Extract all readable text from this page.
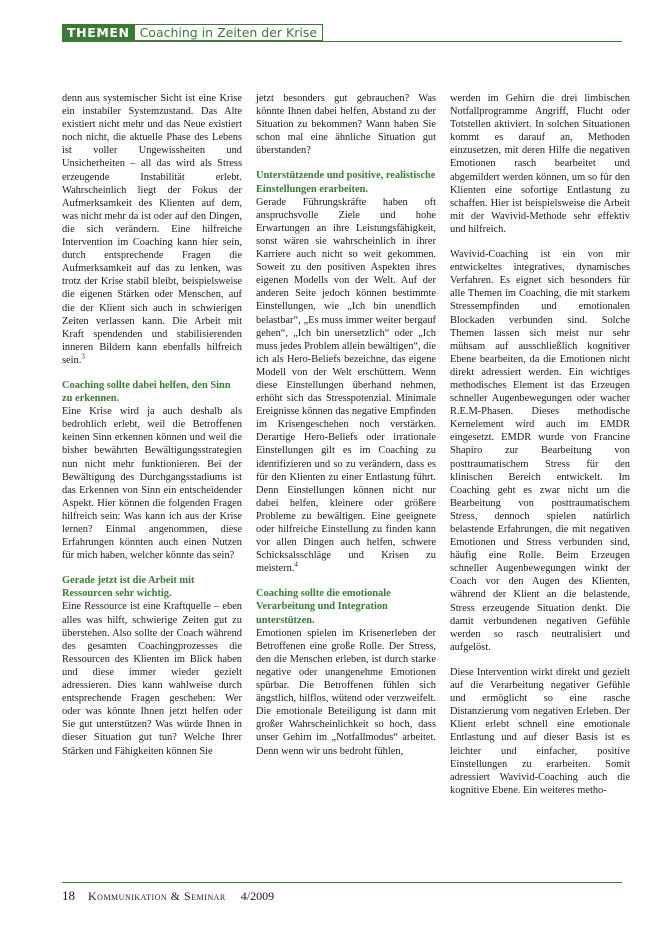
THEMEN Coaching in Zeiten der Krise

denn aus systemischer Sicht ist eine Krise ein instabiler Systemzustand. Das Alte existiert nicht mehr und das Neue existiert noch nicht, die aktuelle Phase des Lebens ist voller Ungewissheiten und Unsicherheiten – all das wird als Stress erzeugende Instabilität erlebt. Wahrscheinlich liegt der Fokus der Aufmerksamkeit des Klienten auf dem, was nicht mehr da ist oder auf den Dingen, die sich verändern. Eine hilfreiche Intervention im Coaching kann hier sein, durch entsprechende Fragen die Aufmerksamkeit auf das zu lenken, was trotz der Krise stabil bleibt, beispielsweise die eigenen Stärken oder Menschen, auf die der Klient sich auch in schwierigen Zeiten verlassen kann. Die Arbeit mit Kraft spendenden und stabilisierenden inneren Bildern kann ebenfalls hilfreich sein.$^3$

Coaching sollte dabei helfen, den Sinn zu erkennen.

Eine Krise wird ja auch deshalb als bedrohlich erlebt, weil die Betroffenen keinen Sinn erkennen können und weil die bisher bewährten Bewältigungsstrategien nun nicht mehr funktionieren. Bei der Bewältigung des Durchgangsstadiums ist das Erkennen von Sinn ein entscheidender Aspekt. Hier können die folgenden Fragen hilfreich sein: Was kann ich aus der Krise lernen? Einmal angenommen, diese Erfahrungen könnten auch einen Nutzen für mich haben, welcher könnte das sein?

Gerade jetzt ist die Arbeit mit Ressourcen sehr wichtig.

Eine Ressource ist eine Kraftquelle – eben alles was hilft, schwierige Zeiten gut zu überstehen. Also sollte der Coach während des gesamten Coachingprozesses die Ressourcen des Klienten im Blick haben und diese immer wieder gezielt adressieren. Dies kann wahlweise durch entsprechende Fragen geschehen: Wer oder was könnte Ihnen jetzt helfen oder Sie gut unterstützen? Was würde Ihnen in dieser Situation gut tun? Welche Ihrer Stärken und Fähigkeiten können Sie

jetzt besonders gut gebrauchen? Was könnte Ihnen dabei helfen, Abstand zu der Situation zu bekommen? Wann haben Sie schon mal eine ähnliche Situation gut überstanden?

Unterstützende und positive, realistische Einstellungen erarbeiten.

Gerade Führungskräfte haben oft anspruchsvolle Ziele und hohe Erwartungen an ihre Leistungsfähigkeit, sonst wären sie wahrscheinlich in ihrer Karriere auch nicht so weit gekommen. Soweit zu den positiven Aspekten ihres eigenen Modells von der Welt. Auf der anderen Seite jedoch können bestimmte Einstellungen, wie „Ich bin unendlich belastbar“, „Es muss immer weiter bergauf gehen“, „Ich bin unersetzlich“ oder „Ich muss jedes Problem allein bewältigen“, die ich als Hero-Beliefs bezeichne, das eigene Modell von der Welt erschüttern. Wenn diese Einstellungen überhand nehmen, erhöht sich das Stresspotenzial. Minimale Ereignisse können das negative Empfinden im Krisengeschehen noch verstärken. Derartige Hero-Beliefs oder irrationale Einstellungen gilt es im Coaching zu identifizieren und so zu verändern, dass es für den Klienten zu einer Entlastung führt. Denn Einstellungen können nicht nur dabei helfen, kleinere oder größere Probleme zu bewältigen. Eine geeignete oder hilfreiche Einstellung zu finden kann vor allen Dingen auch helfen, schwere Schicksalsschläge und Krisen zu meistern.$^4$

Coaching sollte die emotionale Verarbeitung und Integration unterstützen.

Emotionen spielen im Krisenerleben der Betroffenen eine große Rolle. Der Stress, den die Menschen erleben, ist durch starke negative oder unangenehme Emotionen spürbar. Die Betroffenen fühlen sich ängstlich, hilflos, wütend oder verzweifelt. Die emotionale Beteiligung ist dann mit großer Wahrscheinlichkeit so hoch, dass unser Gehirn im „Notfallmodus“ arbeitet. Denn wenn wir uns bedroht fühlen,

werden im Gehirn die drei limbischen Notfallprogramme Angriff, Flucht oder Totstellen aktiviert. In solchen Situationen kommt es darauf an, Methoden einzusetzen, mit deren Hilfe die negativen Emotionen rasch bearbeitet und abgemildert werden können, um so für den Klienten eine sofortige Entlastung zu schaffen. Hier ist beispielsweise die Arbeit mit der Wavivid-Methode sehr effektiv und hilfreich.

Wavivid-Coaching ist ein von mir entwickeltes integratives, dynamisches Verfahren. Es eignet sich besonders für alle Themen im Coaching, die mit starkem Stressempfinden und emotionalen Blockaden verbunden sind. Solche Themen lassen sich meist nur sehr mühsam auf ausschließlich kognitiver Ebene bearbeiten, da die Emotionen nicht direkt adressiert werden. Ein wichtiges methodisches Element ist das Erzeugen schneller Augenbewegungen oder wacher R.E.M-Phasen. Dieses methodische Kernelement wird auch im EMDR eingesetzt. EMDR wurde von Francine Shapiro zur Bearbeitung von posttraumatischem Stress für den klinischen Bereich entwickelt. Im Coaching geht es zwar nicht um die Bearbeitung von posttraumatischem Stress, dennoch spielen natürlich belastende Erfahrungen, die mit negativen Emotionen und Stress verbunden sind, häufig eine Rolle. Beim Erzeugen schneller Augenbewegungen winkt der Coach vor den Augen des Klienten, während der Klient an die belastende, Stress erzeugende Situation denkt. Die damit verbundenen negativen Gefühle werden so rasch neutralisiert und aufgelöst.

Diese Intervention wirkt direkt und gezielt auf die Verarbeitung negativer Gefühle und ermöglicht so eine rasche Distanzierung vom negativen Erleben. Der Klient erlebt schnell eine emotionale Entlastung und auf dieser Basis ist es leichter und einfacher, positive Einstellungen zu erarbeiten. Somit adressiert Wavivid-Coaching auch die kognitive Ebene. Ein weiteres metho-

18 Kommunikation & Seminar 4/2009
